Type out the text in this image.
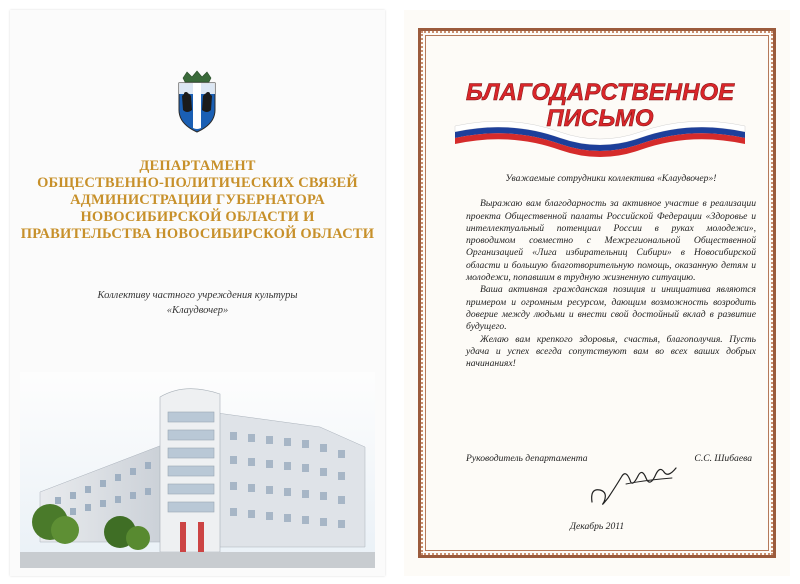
ДЕПАРТАМЕНТ
ОБЩЕСТВЕННО-ПОЛИТИЧЕСКИХ СВЯЗЕЙ
АДМИНИСТРАЦИИ ГУБЕРНАТОРА
НОВОСИБИРСКОЙ ОБЛАСТИ И
ПРАВИТЕЛЬСТВА НОВОСИБИРСКОЙ ОБЛАСТИ
Коллективу частного учреждения культуры
«Клаудвочер»
БЛАГОДАРСТВЕННОЕ
ПИСЬМО
Уважаемые сотрудники коллектива «Клаудвочер»!
Выражаю вам благодарность за активное участие в реализации проекта Общественной палаты Российской Федерации «Здоровье и интеллектуальный потенциал России в руках молодежи», проводимом совместно с Межрегиональной Общественной Организацией «Лига избирательниц Сибири» в Новосибирской области и большую благотворительную помощь, оказанную детям и молодежи, попавшим в трудную жизненную ситуацию.
Ваша активная гражданская позиция и инициатива являются примером и огромным ресурсом, дающим возможность возродить доверие между людьми и внести свой достойный вклад в развитие будущего.
Желаю вам крепкого здоровья, счастья, благополучия. Пусть удача и успех всегда сопутствуют вам во всех ваших добрых начинаниях!
Руководитель департамента	С.С. Шибаева
Декабрь 2011
